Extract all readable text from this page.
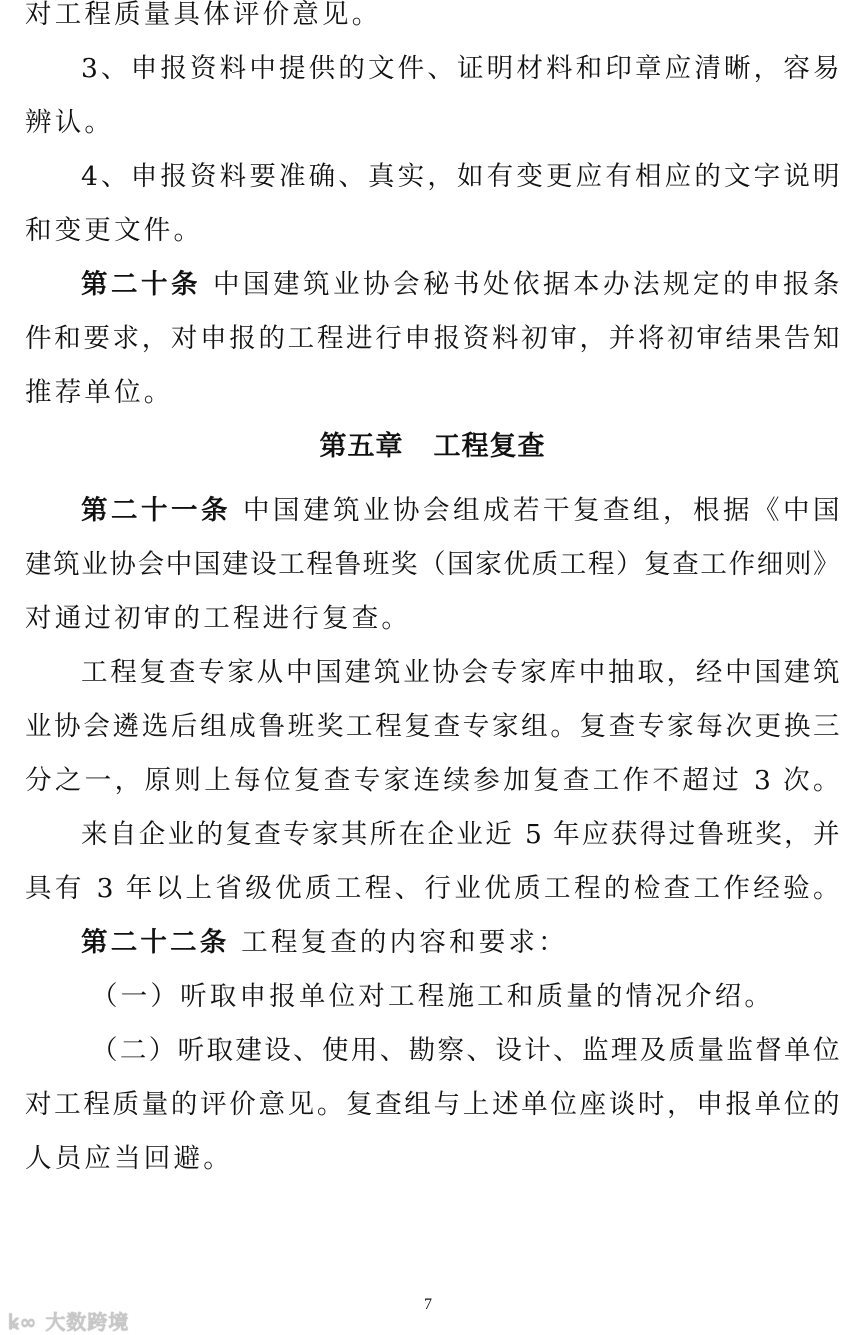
对工程质量具体评价意见。
3、申报资料中提供的文件、证明材料和印章应清晰，容易
辨认。
4、申报资料要准确、真实，如有变更应有相应的文字说明
和变更文件。
第二十条 中国建筑业协会秘书处依据本办法规定的申报条
件和要求，对申报的工程进行申报资料初审，并将初审结果告知
推荐单位。
第五章 工程复查
第二十一条 中国建筑业协会组成若干复查组，根据《中国
建筑业协会中国建设工程鲁班奖（国家优质工程）复查工作细则》
对通过初审的工程进行复查。
工程复查专家从中国建筑业协会专家库中抽取，经中国建筑
业协会遴选后组成鲁班奖工程复查专家组。复查专家每次更换三
分之一，原则上每位复查专家连续参加复查工作不超过 3 次。
来自企业的复查专家其所在企业近 5 年应获得过鲁班奖，并
具有 3 年以上省级优质工程、行业优质工程的检查工作经验。
第二十二条 工程复查的内容和要求：
（一）听取申报单位对工程施工和质量的情况介绍。
（二）听取建设、使用、勘察、设计、监理及质量监督单位
对工程质量的评价意见。复查组与上述单位座谈时，申报单位的
人员应当回避。
7
ꝃ∞ 大数跨境
